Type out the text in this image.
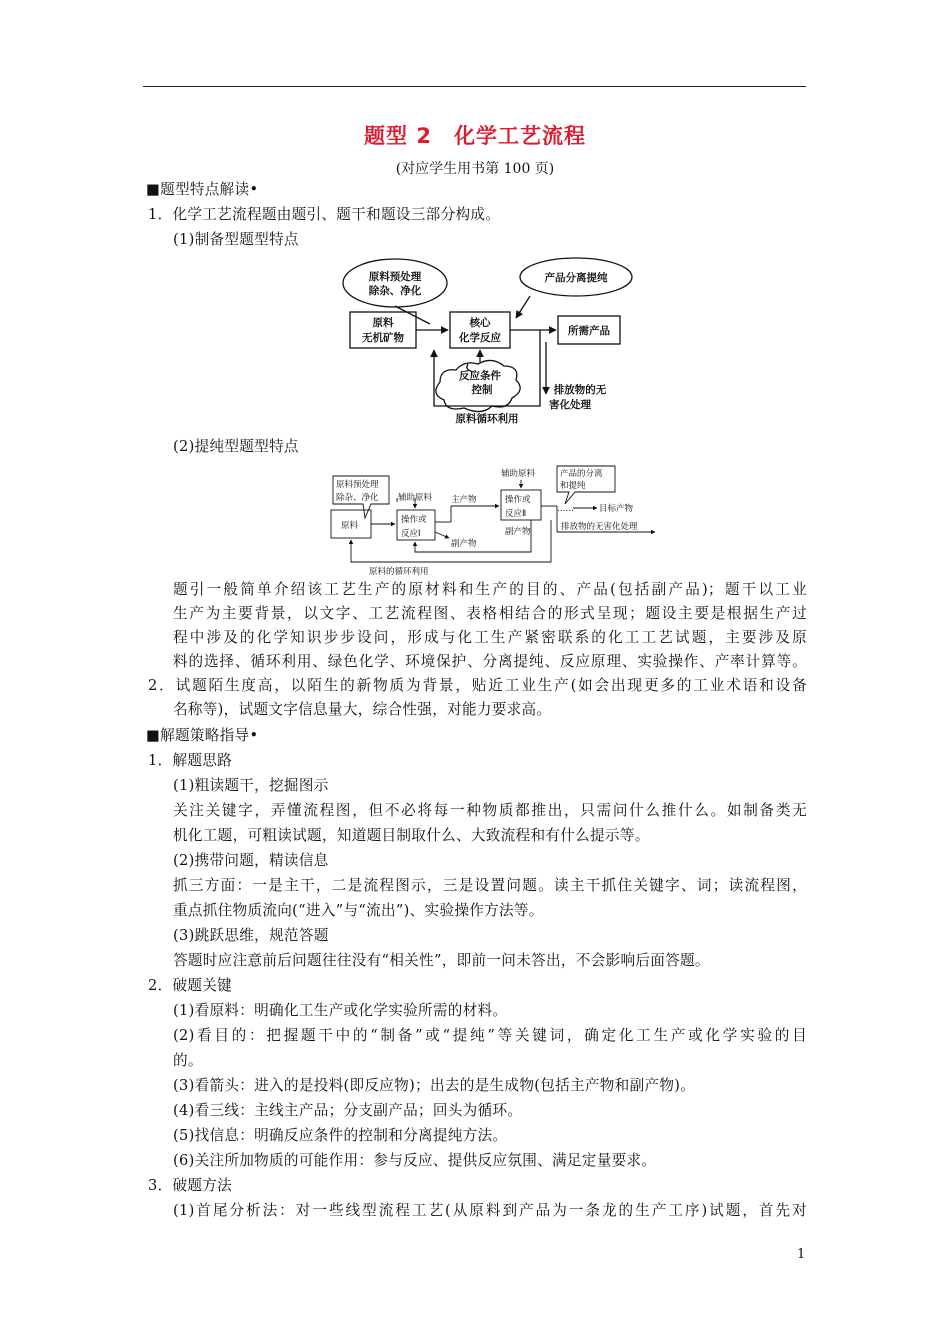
题型 2　化学工艺流程
(对应学生用书第 100 页)
■题型特点解读•
1．化学工艺流程题由题引、题干和题设三部分构成。
(1)制备型题型特点
原料预处理
除杂、净化
原料
无机矿物
核心
化学反应
反应条件
控制
产品分离提纯
所需产品
排放物的无
害化处理
原料循环利用
(2)提纯型题型特点
原料预处理
除杂、净化
原料
辅助原料
操作或
反应Ⅰ
主产物
副产物
辅助原料
操作或
反应Ⅱ
副产物
产品的分离
和提纯
……	目标产物
排放物的无害化处理
原料的循环利用
题引一般简单介绍该工艺生产的原材料和生产的目的、产品(包括副产品)；题干以工业
生产为主要背景，以文字、工艺流程图、表格相结合的形式呈现；题设主要是根据生产过
程中涉及的化学知识步步设问，形成与化工生产紧密联系的化工工艺试题，主要涉及原
料的选择、循环利用、绿色化学、环境保护、分离提纯、反应原理、实验操作、产率计算等。
2．试题陌生度高，以陌生的新物质为背景，贴近工业生产(如会出现更多的工业术语和设备
名称等)，试题文字信息量大，综合性强，对能力要求高。
■解题策略指导•
1．解题思路
(1)粗读题干，挖掘图示
关注关键字，弄懂流程图，但不必将每一种物质都推出，只需问什么推什么。如制备类无
机化工题，可粗读试题，知道题目制取什么、大致流程和有什么提示等。
(2)携带问题，精读信息
抓三方面：一是主干，二是流程图示，三是设置问题。读主干抓住关键字、词；读流程图，
重点抓住物质流向(“进入”与“流出”)、实验操作方法等。
(3)跳跃思维，规范答题
答题时应注意前后问题往往没有“相关性”，即前一问未答出，不会影响后面答题。
2．破题关键
(1)看原料：明确化工生产或化学实验所需的材料。
(2)看目的：把握题干中的“制备”或“提纯”等关键词，确定化工生产或化学实验的目
的。
(3)看箭头：进入的是投料(即反应物)；出去的是生成物(包括主产物和副产物)。
(4)看三线：主线主产品；分支副产品；回头为循环。
(5)找信息：明确反应条件的控制和分离提纯方法。
(6)关注所加物质的可能作用：参与反应、提供反应氛围、满足定量要求。
3．破题方法
(1)首尾分析法：对一些线型流程工艺(从原料到产品为一条龙的生产工序)试题，首先对
1
